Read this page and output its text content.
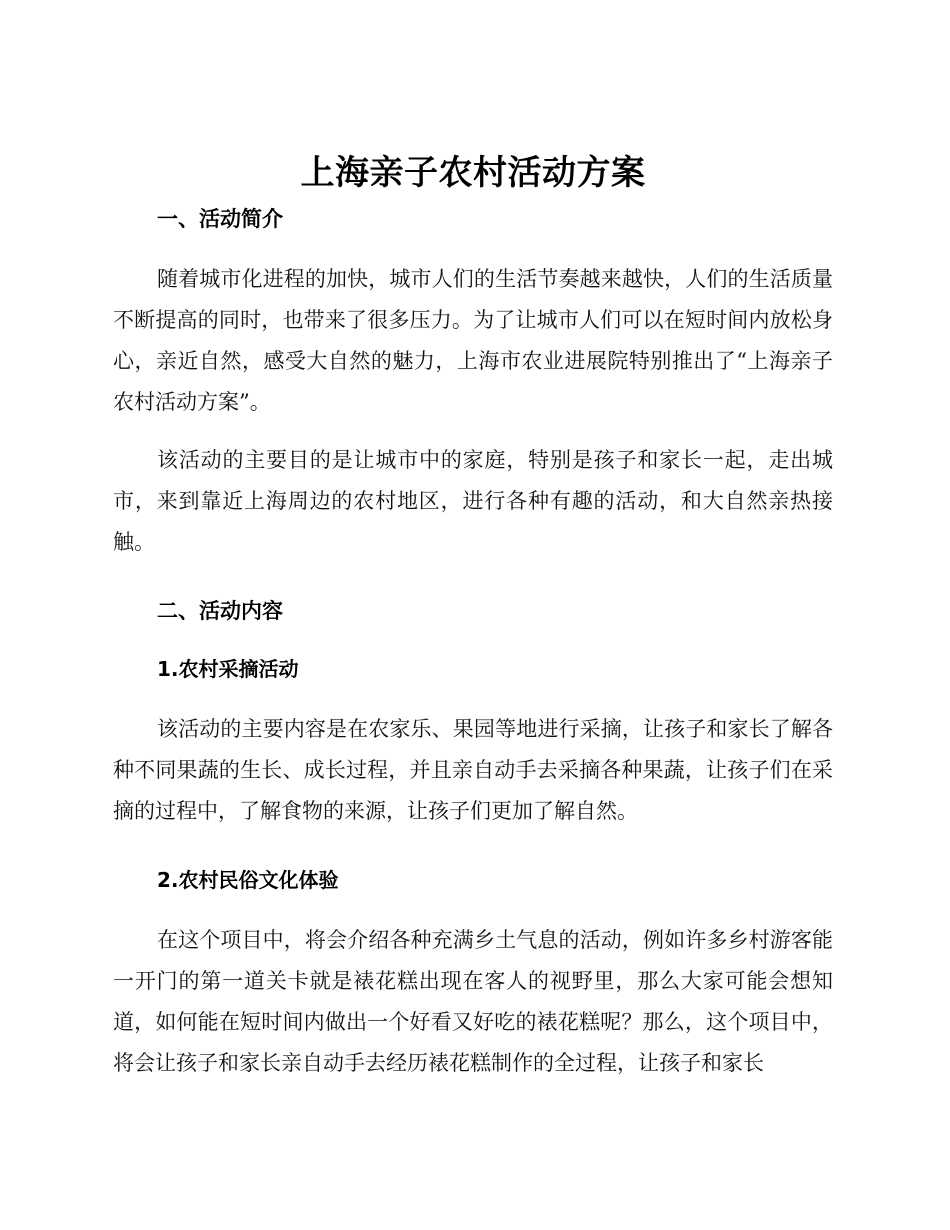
上海亲子农村活动方案
一、活动简介

随着城市化进程的加快，城市人们的生活节奏越来越快，人们的生活质量不断提高的同时，也带来了很多压力。为了让城市人们可以在短时间内放松身心，亲近自然，感受大自然的魅力，上海市农业进展院特别推出了“上海亲子农村活动方案”。

该活动的主要目的是让城市中的家庭，特别是孩子和家长一起，走出城市，来到靠近上海周边的农村地区，进行各种有趣的活动，和大自然亲热接触。

二、活动内容
1.农村采摘活动

该活动的主要内容是在农家乐、果园等地进行采摘，让孩子和家长了解各种不同果蔬的生长、成长过程，并且亲自动手去采摘各种果蔬，让孩子们在采摘的过程中，了解食物的来源，让孩子们更加了解自然。

2.农村民俗文化体验

在这个项目中，将会介绍各种充满乡土气息的活动，例如许多乡村游客能一开门的第一道关卡就是裱花糕出现在客人的视野里，那么大家可能会想知道，如何能在短时间内做出一个好看又好吃的裱花糕呢？那么，这个项目中，将会让孩子和家长亲自动手去经历裱花糕制作的全过程，让孩子和家长
